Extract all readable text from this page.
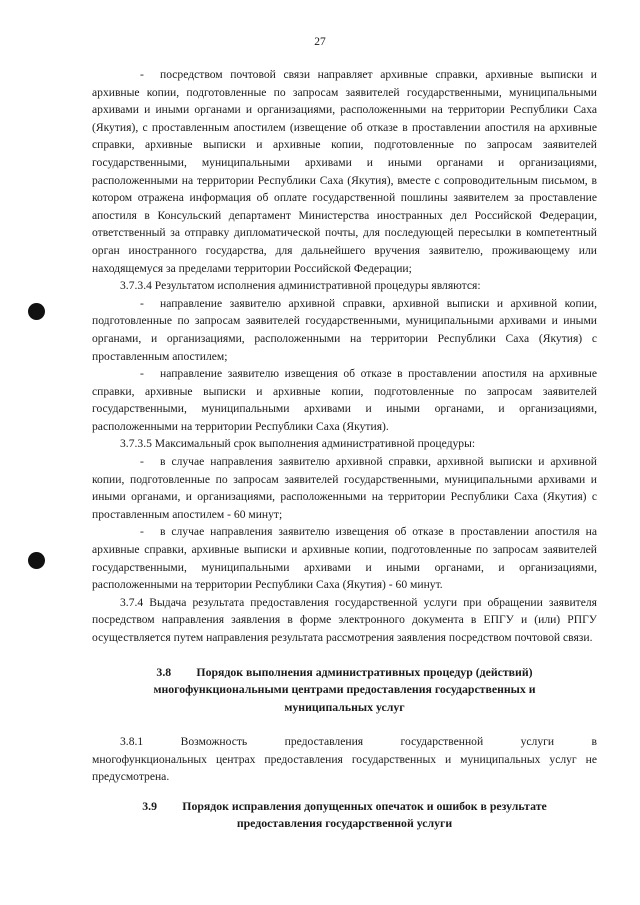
27

- посредством почтовой связи направляет архивные справки, архивные выписки и архивные копии, подготовленные по запросам заявителей государственными, муниципальными архивами и иными органами и организациями, расположенными на территории Республики Саха (Якутия), с проставленным апостилем (извещение об отказе в проставлении апостиля на архивные справки, архивные выписки и архивные копии, подготовленные по запросам заявителей государственными, муниципальными архивами и иными органами и организациями, расположенными на территории Республики Саха (Якутия), вместе с сопроводительным письмом, в котором отражена информация об оплате государственной пошлины заявителем за проставление апостиля в Консульский департамент Министерства иностранных дел Российской Федерации, ответственный за отправку дипломатической почты, для последующей пересылки в компетентный орган иностранного государства, для дальнейшего вручения заявителю, проживающему или находящемуся за пределами территории Российской Федерации;

3.7.3.4 Результатом исполнения административной процедуры являются:

- направление заявителю архивной справки, архивной выписки и архивной копии, подготовленные по запросам заявителей государственными, муниципальными архивами и иными органами, и организациями, расположенными на территории Республики Саха (Якутия) с проставленным апостилем;

- направление заявителю извещения об отказе в проставлении апостиля на архивные справки, архивные выписки и архивные копии, подготовленные по запросам заявителей государственными, муниципальными архивами и иными органами, и организациями, расположенными на территории Республики Саха (Якутия).

3.7.3.5 Максимальный срок выполнения административной процедуры:

- в случае направления заявителю архивной справки, архивной выписки и архивной копии, подготовленные по запросам заявителей государственными, муниципальными архивами и иными органами, и организациями, расположенными на территории Республики Саха (Якутия) с проставленным апостилем - 60 минут;

- в случае направления заявителю извещения об отказе в проставлении апостиля на архивные справки, архивные выписки и архивные копии, подготовленные по запросам заявителей государственными, муниципальными архивами и иными органами, и организациями, расположенными на территории Республики Саха (Якутия) - 60 минут.

3.7.4 Выдача результата предоставления государственной услуги при обращении заявителя посредством направления заявления в форме электронного документа в ЕПГУ и (или) РПГУ осуществляется путем направления результата рассмотрения заявления посредством почтовой связи.

3.8 Порядок выполнения административных процедур (действий)
многофункциональными центрами предоставления государственных и
муниципальных услуг

3.8.1 Возможность предоставления государственной услуги в

многофункциональных центрах предоставления государственных и муниципальных услуг не предусмотрена.

3.9 Порядок исправления допущенных опечаток и ошибок в результате
предоставления государственной услуги
